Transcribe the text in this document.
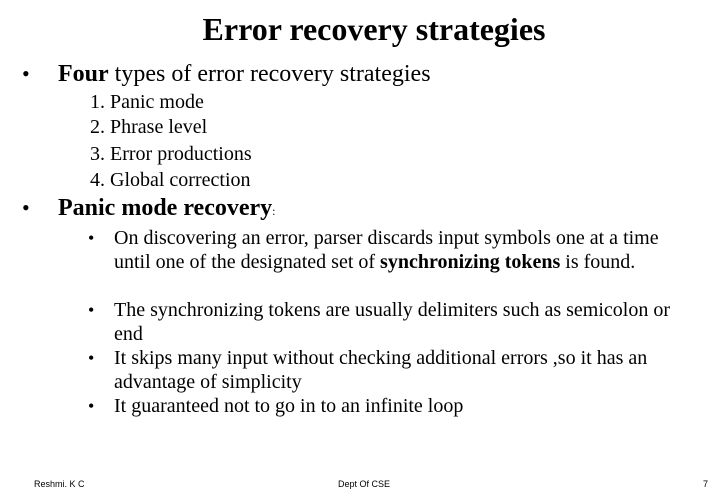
Error recovery strategies
• Four types of error recovery strategies
1. Panic mode
2. Phrase level
3. Error productions
4. Global correction
• Panic mode recovery:
• On discovering an error, parser discards input symbols one at a time until one of the designated set of synchronizing tokens is found.
• The synchronizing tokens are usually delimiters such as semicolon or end
• It skips many input without checking additional errors ,so it has an advantage of simplicity
• It guaranteed not to go in to an infinite loop
Reshmi. K C	Dept Of CSE	7
